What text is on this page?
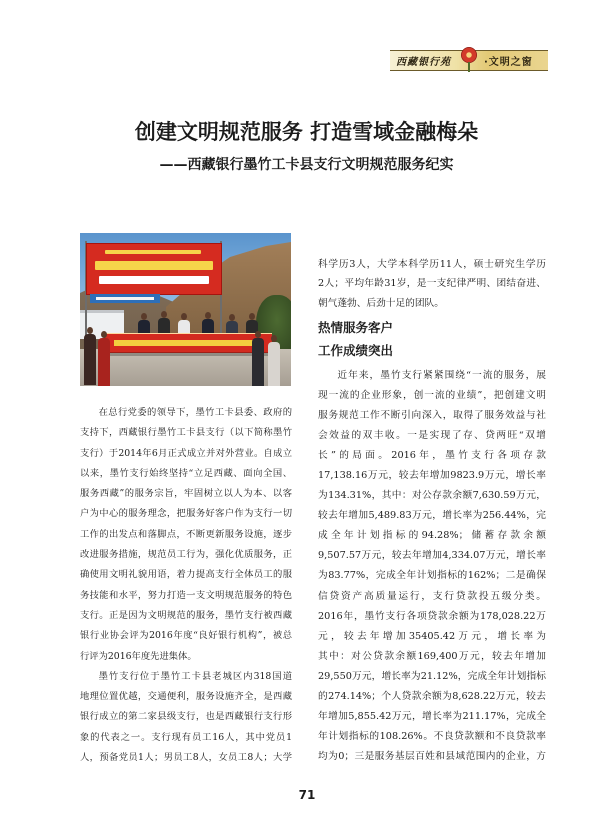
西藏银行苑	·文明之窗
创建文明规范服务 打造雪域金融梅朵
——西藏银行墨竹工卡县支行文明规范服务纪实
在总行党委的领导下，墨竹工卡县委、政府的
支持下，西藏银行墨竹工卡县支行（以下简称墨竹
支行）于2014年6月正式成立并对外营业。自成立
以来，墨竹支行始终坚持“立足西藏、面向全国、
服务西藏”的服务宗旨，牢固树立以人为本、以客
户为中心的服务理念，把服务好客户作为支行一切
工作的出发点和落脚点，不断更新服务设施，逐步
改进服务措施，规范员工行为，强化优质服务，正
确使用文明礼貌用语，着力提高支行全体员工的服
务技能和水平，努力打造一支文明规范服务的特色
支行。正是因为文明规范的服务，墨竹支行被西藏
银行业协会评为2016年度“良好银行机构”，被总
行评为2016年度先进集体。
墨竹支行位于墨竹工卡县老城区内318国道
地理位置优越，交通便利，服务设施齐全，是西藏
银行成立的第二家县级支行，也是西藏银行支行形
象的代表之一。支行现有员工16人，其中党员1
人，预备党员1人；男员工8人，女员工8人；大学
科学历3人，大学本科学历11人，硕士研究生学历
2人；平均年龄31岁，是一支纪律严明、团结奋进、
朝气蓬勃、后劲十足的团队。
热情服务客户
工作成绩突出
近年来，墨竹支行紧紧围绕“一流的服务，展
现一流的企业形象，创一流的业绩”，把创建文明
服务规范工作不断引向深入，取得了服务效益与社
会效益的双丰收。一是实现了存、贷两旺“双增
长”的局面。2016年，墨竹支行各项存款
17,138.16万元，较去年增加9823.9万元，增长率
为134.31%，其中：对公存款余额7,630.59万元，
较去年增加5,489.83万元，增长率为256.44%，完
成全年计划指标的94.28%；储蓄存款余额
9,507.57万元，较去年增加4,334.07万元，增长率
为83.77%，完成全年计划指标的162%；二是确保
信贷资产高质量运行，支行贷款投五级分类。
2016年，墨竹支行各项贷款余额为178,028.22万
元，较去年增加35405.42万元，增长率为
其中：对公贷款余额169,400万元，较去年增加
29,550万元，增长率为21.12%，完成全年计划指标
的274.14%；个人贷款余额为8,628.22万元，较去
年增加5,855.42万元，增长率为211.17%，完成全
年计划指标的108.26%。不良贷款额和不良贷款率
均为0；三是服务基层百姓和县域范围内的企业，方
71
